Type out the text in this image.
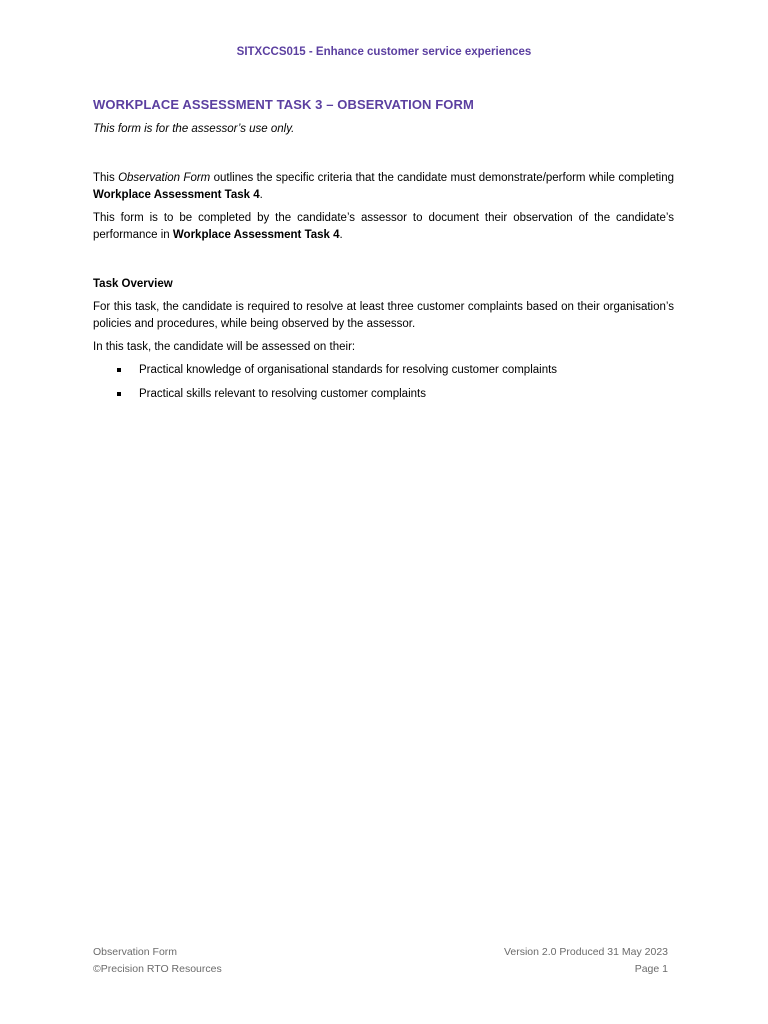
SITXCCS015 - Enhance customer service experiences
WORKPLACE ASSESSMENT TASK 3 – OBSERVATION FORM
This form is for the assessor’s use only.

This Observation Form outlines the specific criteria that the candidate must demonstrate/perform while completing Workplace Assessment Task 4.

This form is to be completed by the candidate’s assessor to document their observation of the candidate’s performance in Workplace Assessment Task 4.

Task Overview

For this task, the candidate is required to resolve at least three customer complaints based on their organisation’s policies and procedures, while being observed by the assessor.

In this task, the candidate will be assessed on their:

Practical knowledge of organisational standards for resolving customer complaints
Practical skills relevant to resolving customer complaints
Observation Form	Version 2.0 Produced 31 May 2023
©Precision RTO Resources	Page 1
